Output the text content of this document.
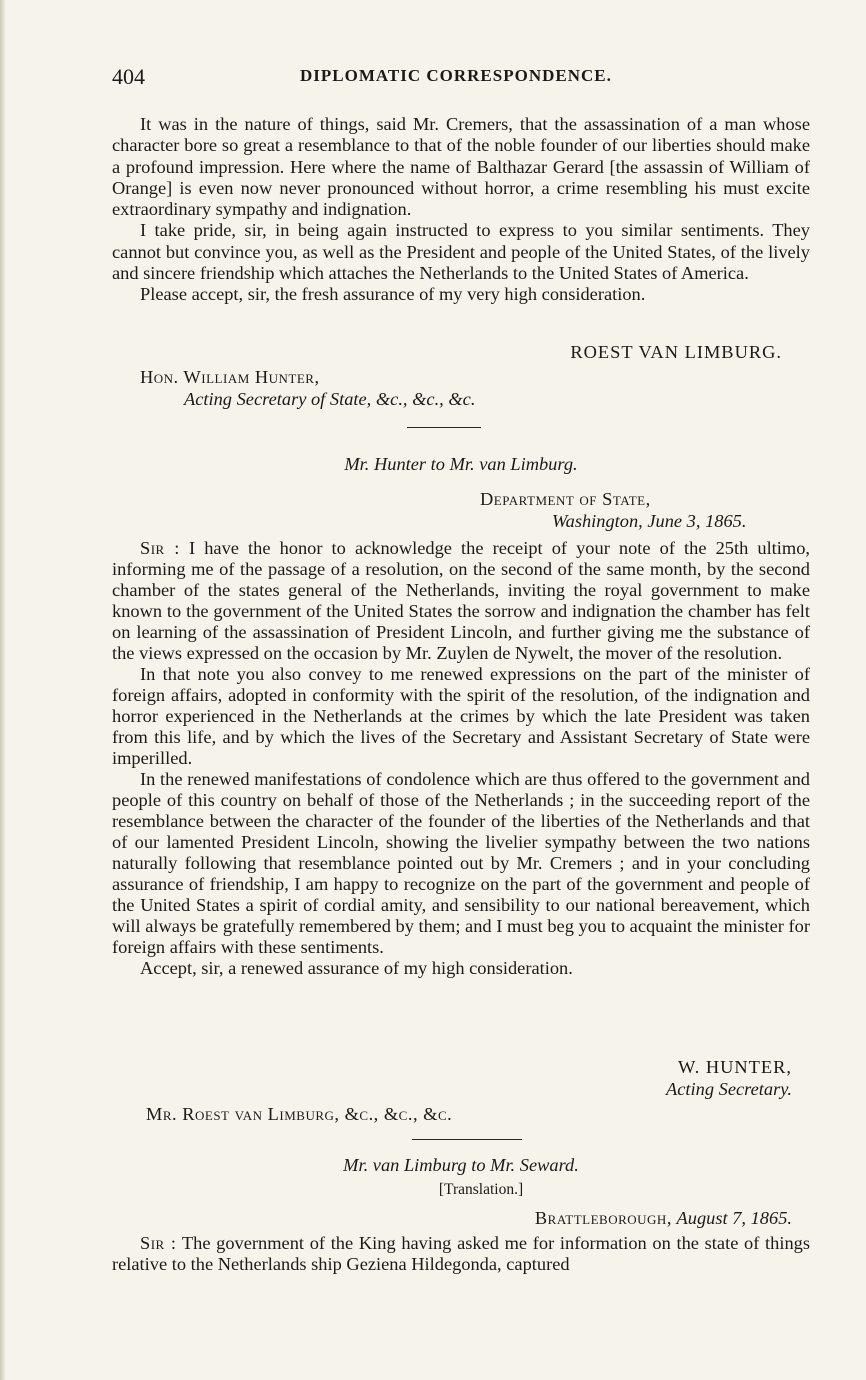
404	DIPLOMATIC CORRESPONDENCE.

It was in the nature of things, said Mr. Cremers, that the assassination of a man whose character bore so great a resemblance to that of the noble founder of our liberties should make a profound impression. Here where the name of Balthazar Gerard [the assassin of William of Orange] is even now never pronounced without horror, a crime resembling his must excite extraordinary sympathy and indignation.

I take pride, sir, in being again instructed to express to you similar sentiments. They cannot but convince you, as well as the President and people of the United States, of the lively and sincere friendship which attaches the Netherlands to the United States of America.

Please accept, sir, the fresh assurance of my very high consideration.

ROEST VAN LIMBURG.

Hon. William Hunter,

Acting Secretary of State, &c., &c., &c.

Mr. Hunter to Mr. van Limburg.

Department of State,

Washington, June 3, 1865.

Sir : I have the honor to acknowledge the receipt of your note of the 25th ultimo, informing me of the passage of a resolution, on the second of the same month, by the second chamber of the states general of the Netherlands, inviting the royal government to make known to the government of the United States the sorrow and indignation the chamber has felt on learning of the assassination of President Lincoln, and further giving me the substance of the views expressed on the occasion by Mr. Zuylen de Nywelt, the mover of the resolution.

In that note you also convey to me renewed expressions on the part of the minister of foreign affairs, adopted in conformity with the spirit of the resolution, of the indignation and horror experienced in the Netherlands at the crimes by which the late President was taken from this life, and by which the lives of the Secretary and Assistant Secretary of State were imperilled.

In the renewed manifestations of condolence which are thus offered to the government and people of this country on behalf of those of the Netherlands ; in the succeeding report of the resemblance between the character of the founder of the liberties of the Netherlands and that of our lamented President Lincoln, showing the livelier sympathy between the two nations naturally following that resemblance pointed out by Mr. Cremers ; and in your concluding assurance of friendship, I am happy to recognize on the part of the government and people of the United States a spirit of cordial amity, and sensibility to our national bereavement, which will always be gratefully remembered by them; and I must beg you to acquaint the minister for foreign affairs with these sentiments.

Accept, sir, a renewed assurance of my high consideration.

W. HUNTER,

Acting Secretary.

Mr. Roest van Limburg, &c., &c., &c.

Mr. van Limburg to Mr. Seward.

[Translation.]

Brattleborough, August 7, 1865.

Sir : The government of the King having asked me for information on the state of things relative to the Netherlands ship Geziena Hildegonda, captured
